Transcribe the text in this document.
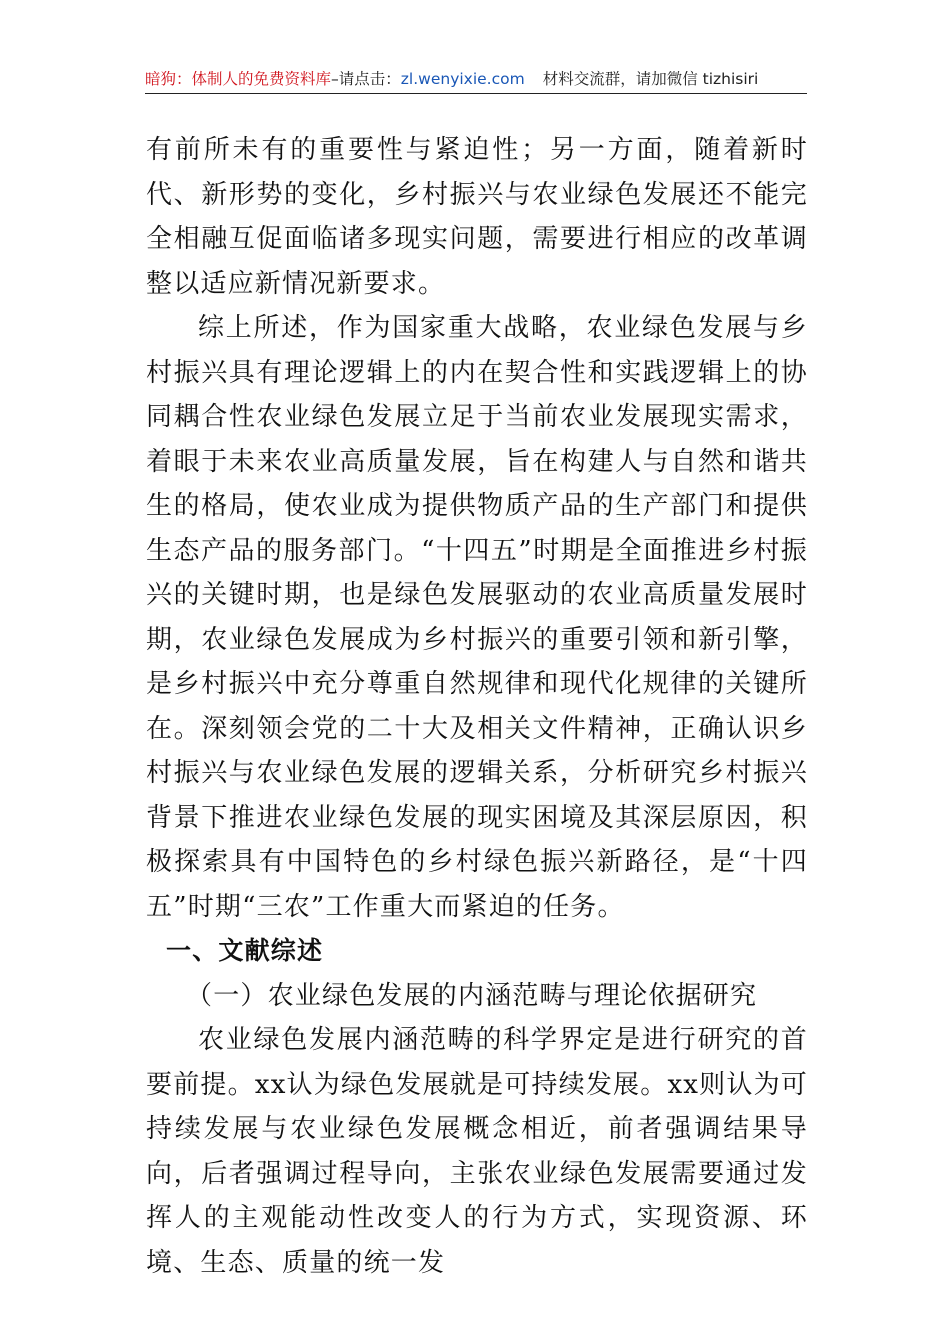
暗狗：体制人的免费资料库–请点击：zl.wenyixie.com 材料交流群，请加微信 tizhisiri

有前所未有的重要性与紧迫性；另一方面，随着新时代、新形势的变化，乡村振兴与农业绿色发展还不能完全相融互促面临诸多现实问题，需要进行相应的改革调整以适应新情况新要求。

综上所述，作为国家重大战略，农业绿色发展与乡村振兴具有理论逻辑上的内在契合性和实践逻辑上的协同耦合性农业绿色发展立足于当前农业发展现实需求，着眼于未来农业高质量发展，旨在构建人与自然和谐共生的格局，使农业成为提供物质产品的生产部门和提供生态产品的服务部门。“十四五”时期是全面推进乡村振兴的关键时期，也是绿色发展驱动的农业高质量发展时期，农业绿色发展成为乡村振兴的重要引领和新引擎，是乡村振兴中充分尊重自然规律和现代化规律的关键所在。深刻领会党的二十大及相关文件精神，正确认识乡村振兴与农业绿色发展的逻辑关系，分析研究乡村振兴背景下推进农业绿色发展的现实困境及其深层原因，积极探索具有中国特色的乡村绿色振兴新路径，是“十四五”时期“三农”工作重大而紧迫的任务。

一、文献综述

（一）农业绿色发展的内涵范畴与理论依据研究

农业绿色发展内涵范畴的科学界定是进行研究的首要前提。xx认为绿色发展就是可持续发展。xx则认为可持续发展与农业绿色发展概念相近，前者强调结果导向，后者强调过程导向，主张农业绿色发展需要通过发挥人的主观能动性改变人的行为方式，实现资源、环境、生态、质量的统一发
